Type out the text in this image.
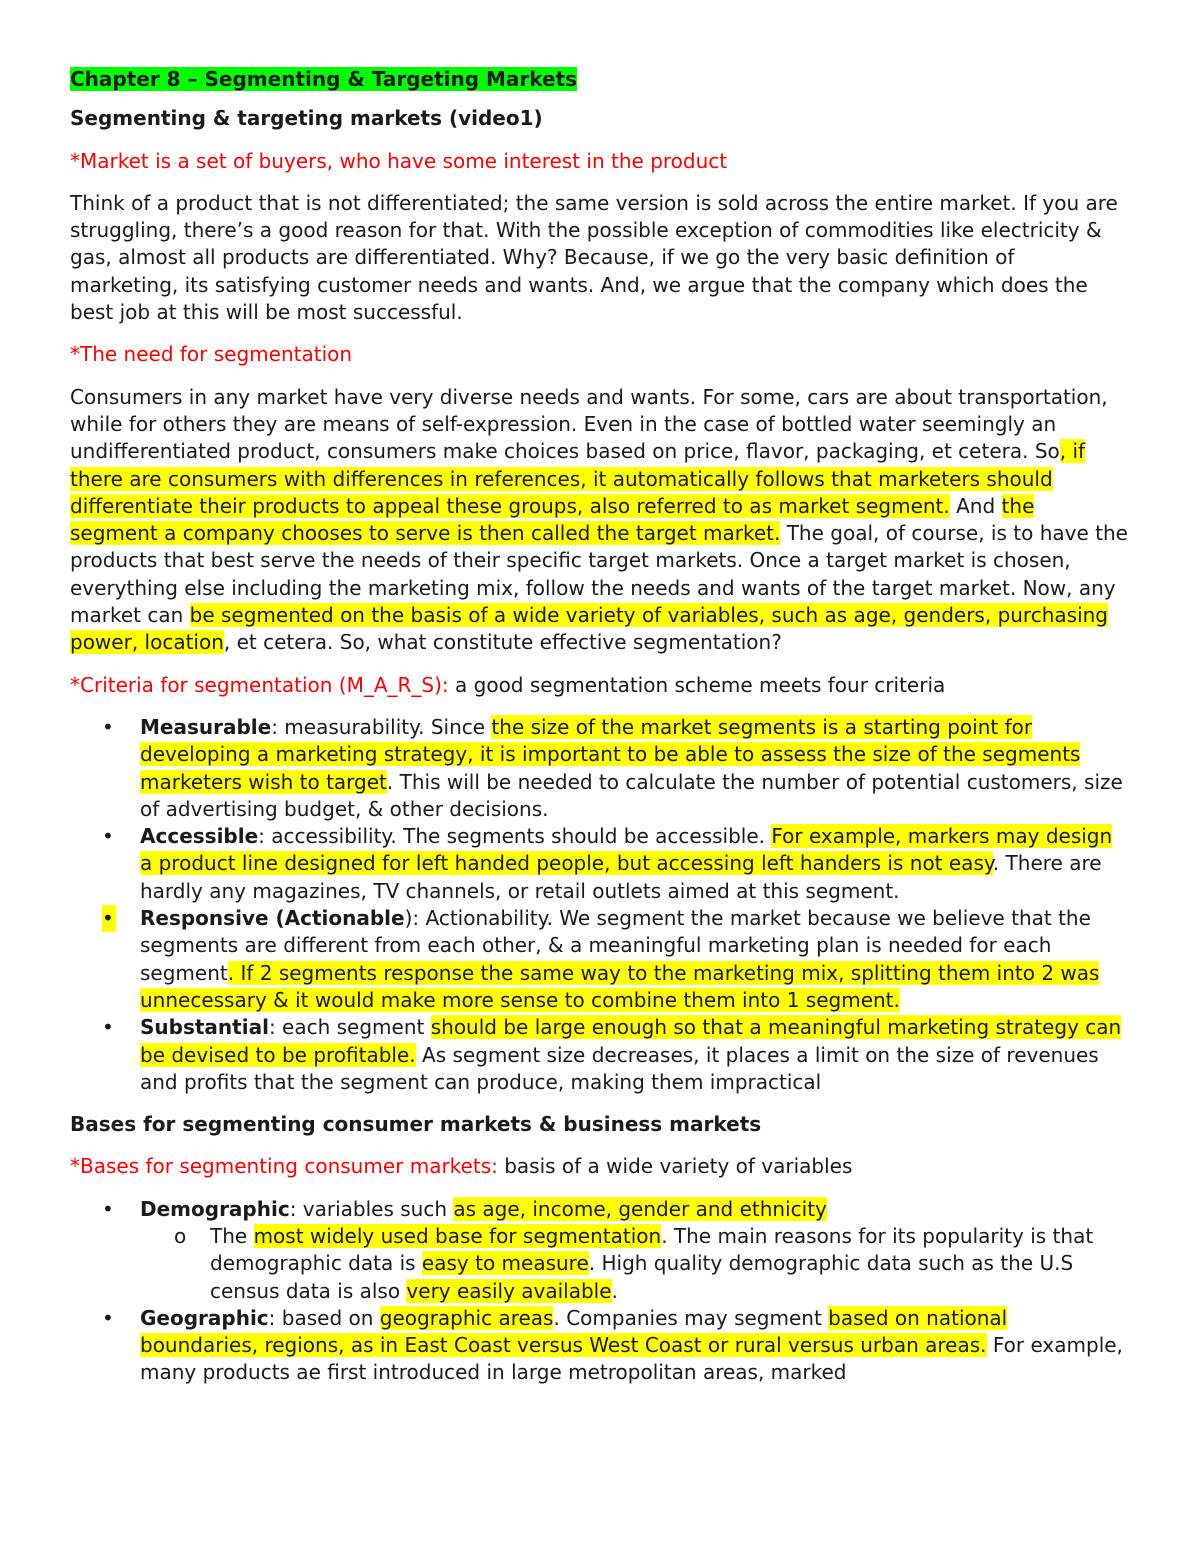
Chapter 8 – Segmenting & Targeting Markets

Segmenting & targeting markets (video1)

*Market is a set of buyers, who have some interest in the product

Think of a product that is not differentiated; the same version is sold across the entire market. If you are struggling, there’s a good reason for that. With the possible exception of commodities like electricity & gas, almost all products are differentiated. Why? Because, if we go the very basic definition of marketing, its satisfying customer needs and wants. And, we argue that the company which does the best job at this will be most successful.

*The need for segmentation

Consumers in any market have very diverse needs and wants. For some, cars are about transportation, while for others they are means of self-expression. Even in the case of bottled water seemingly an undifferentiated product, consumers make choices based on price, flavor, packaging, et cetera. So, if there are consumers with differences in references, it automatically follows that marketers should differentiate their products to appeal these groups, also referred to as market segment. And the segment a company chooses to serve is then called the target market. The goal, of course, is to have the products that best serve the needs of their specific target markets. Once a target market is chosen, everything else including the marketing mix, follow the needs and wants of the target market. Now, any market can be segmented on the basis of a wide variety of variables, such as age, genders, purchasing power, location, et cetera. So, what constitute effective segmentation?

*Criteria for segmentation (M_A_R_S): a good segmentation scheme meets four criteria

• Measurable: measurability. Since the size of the market segments is a starting point for developing a marketing strategy, it is important to be able to assess the size of the segments marketers wish to target. This will be needed to calculate the number of potential customers, size of advertising budget, & other decisions.
• Accessible: accessibility. The segments should be accessible. For example, markers may design a product line designed for left handed people, but accessing left handers is not easy. There are hardly any magazines, TV channels, or retail outlets aimed at this segment.
• Responsive (Actionable): Actionability. We segment the market because we believe that the segments are different from each other, & a meaningful marketing plan is needed for each segment. If 2 segments response the same way to the marketing mix, splitting them into 2 was unnecessary & it would make more sense to combine them into 1 segment.
• Substantial: each segment should be large enough so that a meaningful marketing strategy can be devised to be profitable. As segment size decreases, it places a limit on the size of revenues and profits that the segment can produce, making them impractical

Bases for segmenting consumer markets & business markets

*Bases for segmenting consumer markets: basis of a wide variety of variables

• Demographic: variables such as age, income, gender and ethnicity
o The most widely used base for segmentation. The main reasons for its popularity is that demographic data is easy to measure. High quality demographic data such as the U.S census data is also very easily available.
• Geographic: based on geographic areas. Companies may segment based on national boundaries, regions, as in East Coast versus West Coast or rural versus urban areas. For example, many products ae first introduced in large metropolitan areas, marked
